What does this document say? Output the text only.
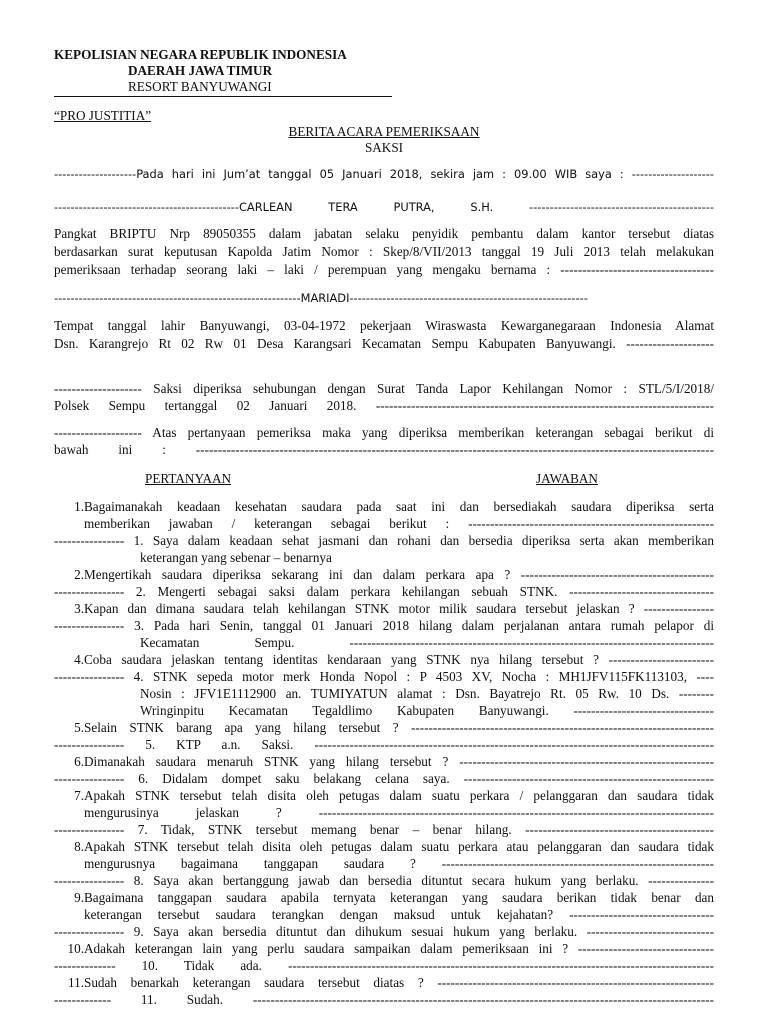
KEPOLISIAN NEGARA REPUBLIK INDONESIA
DAERAH JAWA TIMUR
RESORT BANYUWANGI
“PRO JUSTITIA”
BERITA ACARA PEMERIKSAAN
SAKSI
--------------------Pada hari ini Jum’at tanggal 05 Januari 2018, sekira jam : 09.00 WIB saya : --------------------
---------------------------------------------CARLEAN TERA PUTRA, S.H. ---------------------------------------------
Pangkat BRIPTU Nrp 89050355 dalam jabatan selaku penyidik pembantu dalam kantor tersebut diatas
berdasarkan surat keputusan Kapolda Jatim Nomor : Skep/8/VII/2013 tanggal 19 Juli 2013 telah melakukan
pemeriksaan terhadap seorang laki – laki / perempuan yang mengaku bernama : -----------------------------------
------------------------------------------------------------MARIADI----------------------------------------------------------
Tempat tanggal lahir Banyuwangi, 03-04-1972 pekerjaan Wiraswasta Kewarganegaraan Indonesia Alamat
Dsn. Karangrejo Rt 02 Rw 01 Desa Karangsari Kecamatan Sempu Kabupaten Banyuwangi. --------------------
-------------------- Saksi diperiksa sehubungan dengan Surat Tanda Lapor Kehilangan Nomor : STL/5/I/2018/
Polsek Sempu tertanggal 02 Januari 2018. -----------------------------------------------------------------------------
-------------------- Atas pertanyaan pemeriksa maka yang diperiksa memberikan keterangan sebagai berikut di
bawah ini : ----------------------------------------------------------------------------------------------------------------------
PERTANYAAN	JAWABAN
1. Bagaimanakah keadaan kesehatan saudara pada saat ini dan bersediakah saudara diperiksa serta
memberikan jawaban / keterangan sebagai berikut : --------------------------------------------------------
---------------- 1. Saya dalam keadaan sehat jasmani dan rohani dan bersedia diperiksa serta akan memberikan
keterangan yang sebenar – benarnya
2. Mengertikah saudara diperiksa sekarang ini dan dalam perkara apa ? --------------------------------------------
---------------- 2. Mengerti sebagai saksi dalam perkara kehilangan sebuah STNK. ---------------------------------
3. Kapan dan dimana saudara telah kehilangan STNK motor milik saudara tersebut jelaskan ? ----------------
---------------- 3. Pada hari Senin, tanggal 01 Januari 2018 hilang dalam perjalanan antara rumah pelapor di
Kecamatan Sempu. -----------------------------------------------------------------------------------
4. Coba saudara jelaskan tentang identitas kendaraan yang STNK nya hilang tersebut ? ------------------------
---------------- 4. STNK sepeda motor merk Honda Nopol : P 4503 XV, Nocha : MH1JFV115FK113103, ----
Nosin : JFV1E1112900 an. TUMIYATUN alamat : Dsn. Bayatrejo Rt. 05 Rw. 10 Ds. --------
Wringinpitu Kecamatan Tegaldlimo Kabupaten Banyuwangi. --------------------------------
5. Selain STNK barang apa yang hilang tersebut ? ---------------------------------------------------------------------
---------------- 5. KTP a.n. Saksi. -------------------------------------------------------------------------------------------
6. Dimanakah saudara menaruh STNK yang hilang tersebut ? ----------------------------------------------------------
---------------- 6. Didalam dompet saku belakang celana saya. ---------------------------------------------------------
7. Apakah STNK tersebut telah disita oleh petugas dalam suatu perkara / pelanggaran dan saudara tidak
mengurusinya jelaskan ? ------------------------------------------------------------------------------------------
---------------- 7. Tidak, STNK tersebut memang benar – benar hilang. -------------------------------------------
8. Apakah STNK tersebut telah disita oleh petugas dalam suatu perkara atau pelanggaran dan saudara tidak
mengurusnya bagaimana tanggapan saudara ? --------------------------------------------------------------
---------------- 8. Saya akan bertanggung jawab dan bersedia dituntut secara hukum yang berlaku. ---------------
9. Bagaimana tanggapan saudara apabila ternyata keterangan yang saudara berikan tidak benar dan
keterangan tersebut saudara terangkan dengan maksud untuk kejahatan? ---------------------------------
---------------- 9. Saya akan bersedia dituntut dan dihukum sesuai hukum yang berlaku. -----------------------------
10. Adakah keterangan lain yang perlu saudara sampaikan dalam pemeriksaan ini ? -------------------------------
-------------- 10. Tidak ada. -------------------------------------------------------------------------------------------------
11. Sudah benarkah keterangan saudara tersebut diatas ? ---------------------------------------------------------------
------------- 11. Sudah. ---------------------------------------------------------------------------------------------------------
